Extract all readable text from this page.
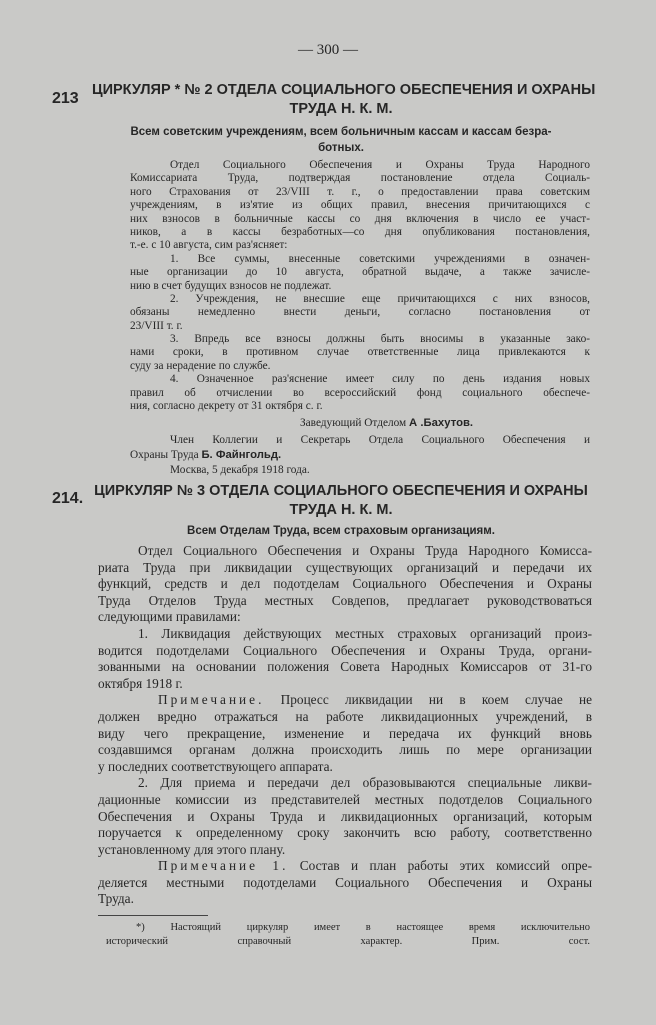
— 300 —
213 ЦИРКУЛЯР * № 2 ОТДЕЛА СОЦИАЛЬНОГО ОБЕСПЕЧЕНИЯ И ОХРАНЫ
ТРУДА Н. К. М.
Всем советским учреждениям, всем больничным кассам и кассам безра-
ботных.
Отдел Социального Обеспечения и Охраны Труда Народного
Комиссариата Труда, подтверждая постановление отдела Социаль-
ного Страхования от 23/VIII т. г., о предоставлении права советским
учреждениям, в из'ятие из общих правил, внесения причитающихся с
них взносов в больничные кассы со дня включения в число ее участ-
ников, а в кассы безработных—со дня опубликования постановления,
т.-е. с 10 августа, сим раз'ясняет:
1. Все суммы, внесенные советскими учреждениями в означен-
ные организации до 10 августа, обратной выдаче, а также зачисле-
нию в счет будущих взносов не подлежат.
2. Учреждения, не внесшие еще причитающихся с них взносов,
обязаны немедленно внести деньги, согласно постановления от
23/VIII т. г.
3. Впредь все взносы должны быть вносимы в указанные зако-
нами сроки, в противном случае ответственные лица привлекаются к
суду за нерадение по службе.
4. Означенное раз'яснение имеет силу по день издания новых
правил об отчислении во всероссийский фонд социального обеспече-
ния, согласно декрету от 31 октября с. г.
Заведующий Отделом А .Бахутов.
Член Коллегии и Секретарь Отдела Социального Обеспечения и
Охраны Труда Б. Файнгольд.
Москва, 5 декабря 1918 года.
214. ЦИРКУЛЯР № 3 ОТДЕЛА СОЦИАЛЬНОГО ОБЕСПЕЧЕНИЯ И ОХРАНЫ
ТРУДА Н. К. М.
Всем Отделам Труда, всем страховым организациям.
Отдел Социального Обеспечения и Охраны Труда Народного Комисса-
риата Труда при ликвидации существующих организаций и передачи их
функций, средств и дел подотделам Социального Обеспечения и Охраны
Труда Отделов Труда местных Совдепов, предлагает руководствоваться
следующими правилами:
1. Ликвидация действующих местных страховых организаций произ-
водится подотделами Социального Обеспечения и Охраны Труда, органи-
зованными на основании положения Совета Народных Комиссаров от 31-го
октября 1918 г.
Примечание. Процесс ликвидации ни в коем случае не
должен вредно отражаться на работе ликвидационных учреждений, в
виду чего прекращение, изменение и передача их функций вновь
создавшимся органам должна происходить лишь по мере организации
у последних соответствующего аппарата.
2. Для приема и передачи дел образовываются специальные ликви-
дационные комиссии из представителей местных подотделов Социального
Обеспечения и Охраны Труда и ликвидационных организаций, которым
поручается к определенному сроку закончить всю работу, соответственно
установленному для этого плану.
Примечание 1. Состав и план работы этих комиссий опре-
деляется местными подотделами Социального Обеспечения и Охраны
Труда.
*) Настоящий циркуляр имеет в настоящее время исключительно
исторический справочный характер. Прим. сост.
